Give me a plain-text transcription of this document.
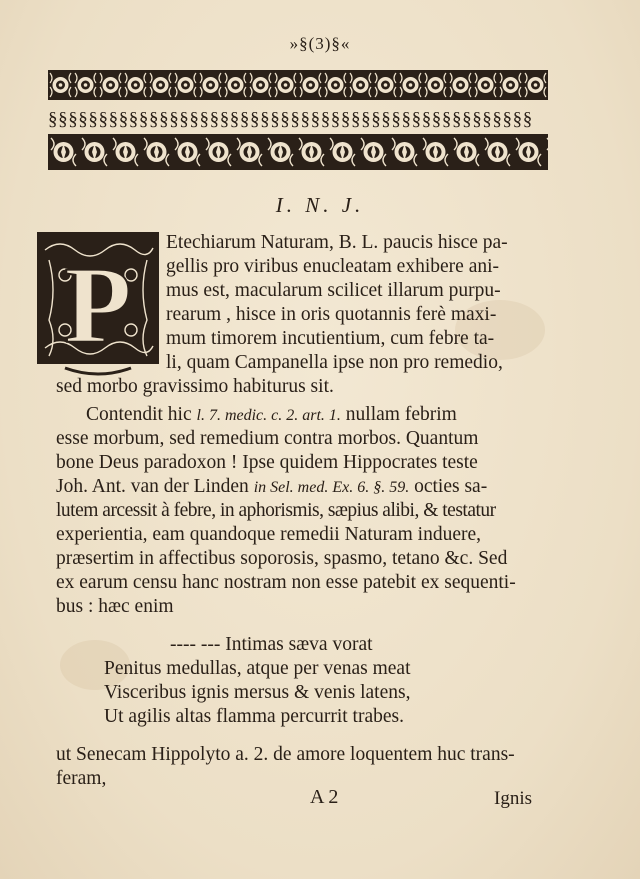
»§(3)§«
§§§§§§§§§§§§§§§§§§§§§§§§§§§§§§§§§§§§§§§§§§§§§§§§
I. N. J.
P
Etechiarum Naturam, B. L. paucis hisce pa-
gellis pro viribus enucleatam exhibere ani-
mus est, macularum scilicet illarum purpu-
rearum , hisce in oris quotannis ferè maxi-
mum timorem incutientium, cum febre ta-
li, quam Campanella ipse non pro remedio,
sed morbo gravissimo habiturus sit.
Contendit hic l. 7. medic. c. 2. art. 1. nullam febrim
esse morbum, sed remedium contra morbos. Quantum
bone Deus paradoxon ! Ipse quidem Hippocrates teste
Joh. Ant. van der Linden in Sel. med. Ex. 6. §. 59. octies sa-
lutem arcessit à febre, in aphorismis, sæpius alibi, & testatur
experientia, eam quandoque remedii Naturam induere,
præsertim in affectibus soporosis, spasmo, tetano &c. Sed
ex earum censu hanc nostram non esse patebit ex sequenti-
bus : hæc enim
---- --- Intimas sæva vorat
Penitus medullas, atque per venas meat
Visceribus ignis mersus & venis latens,
Ut agilis altas flamma percurrit trabes.
ut Senecam Hippolyto a. 2. de amore loquentem huc trans-
feram,
A 2	Ignis
